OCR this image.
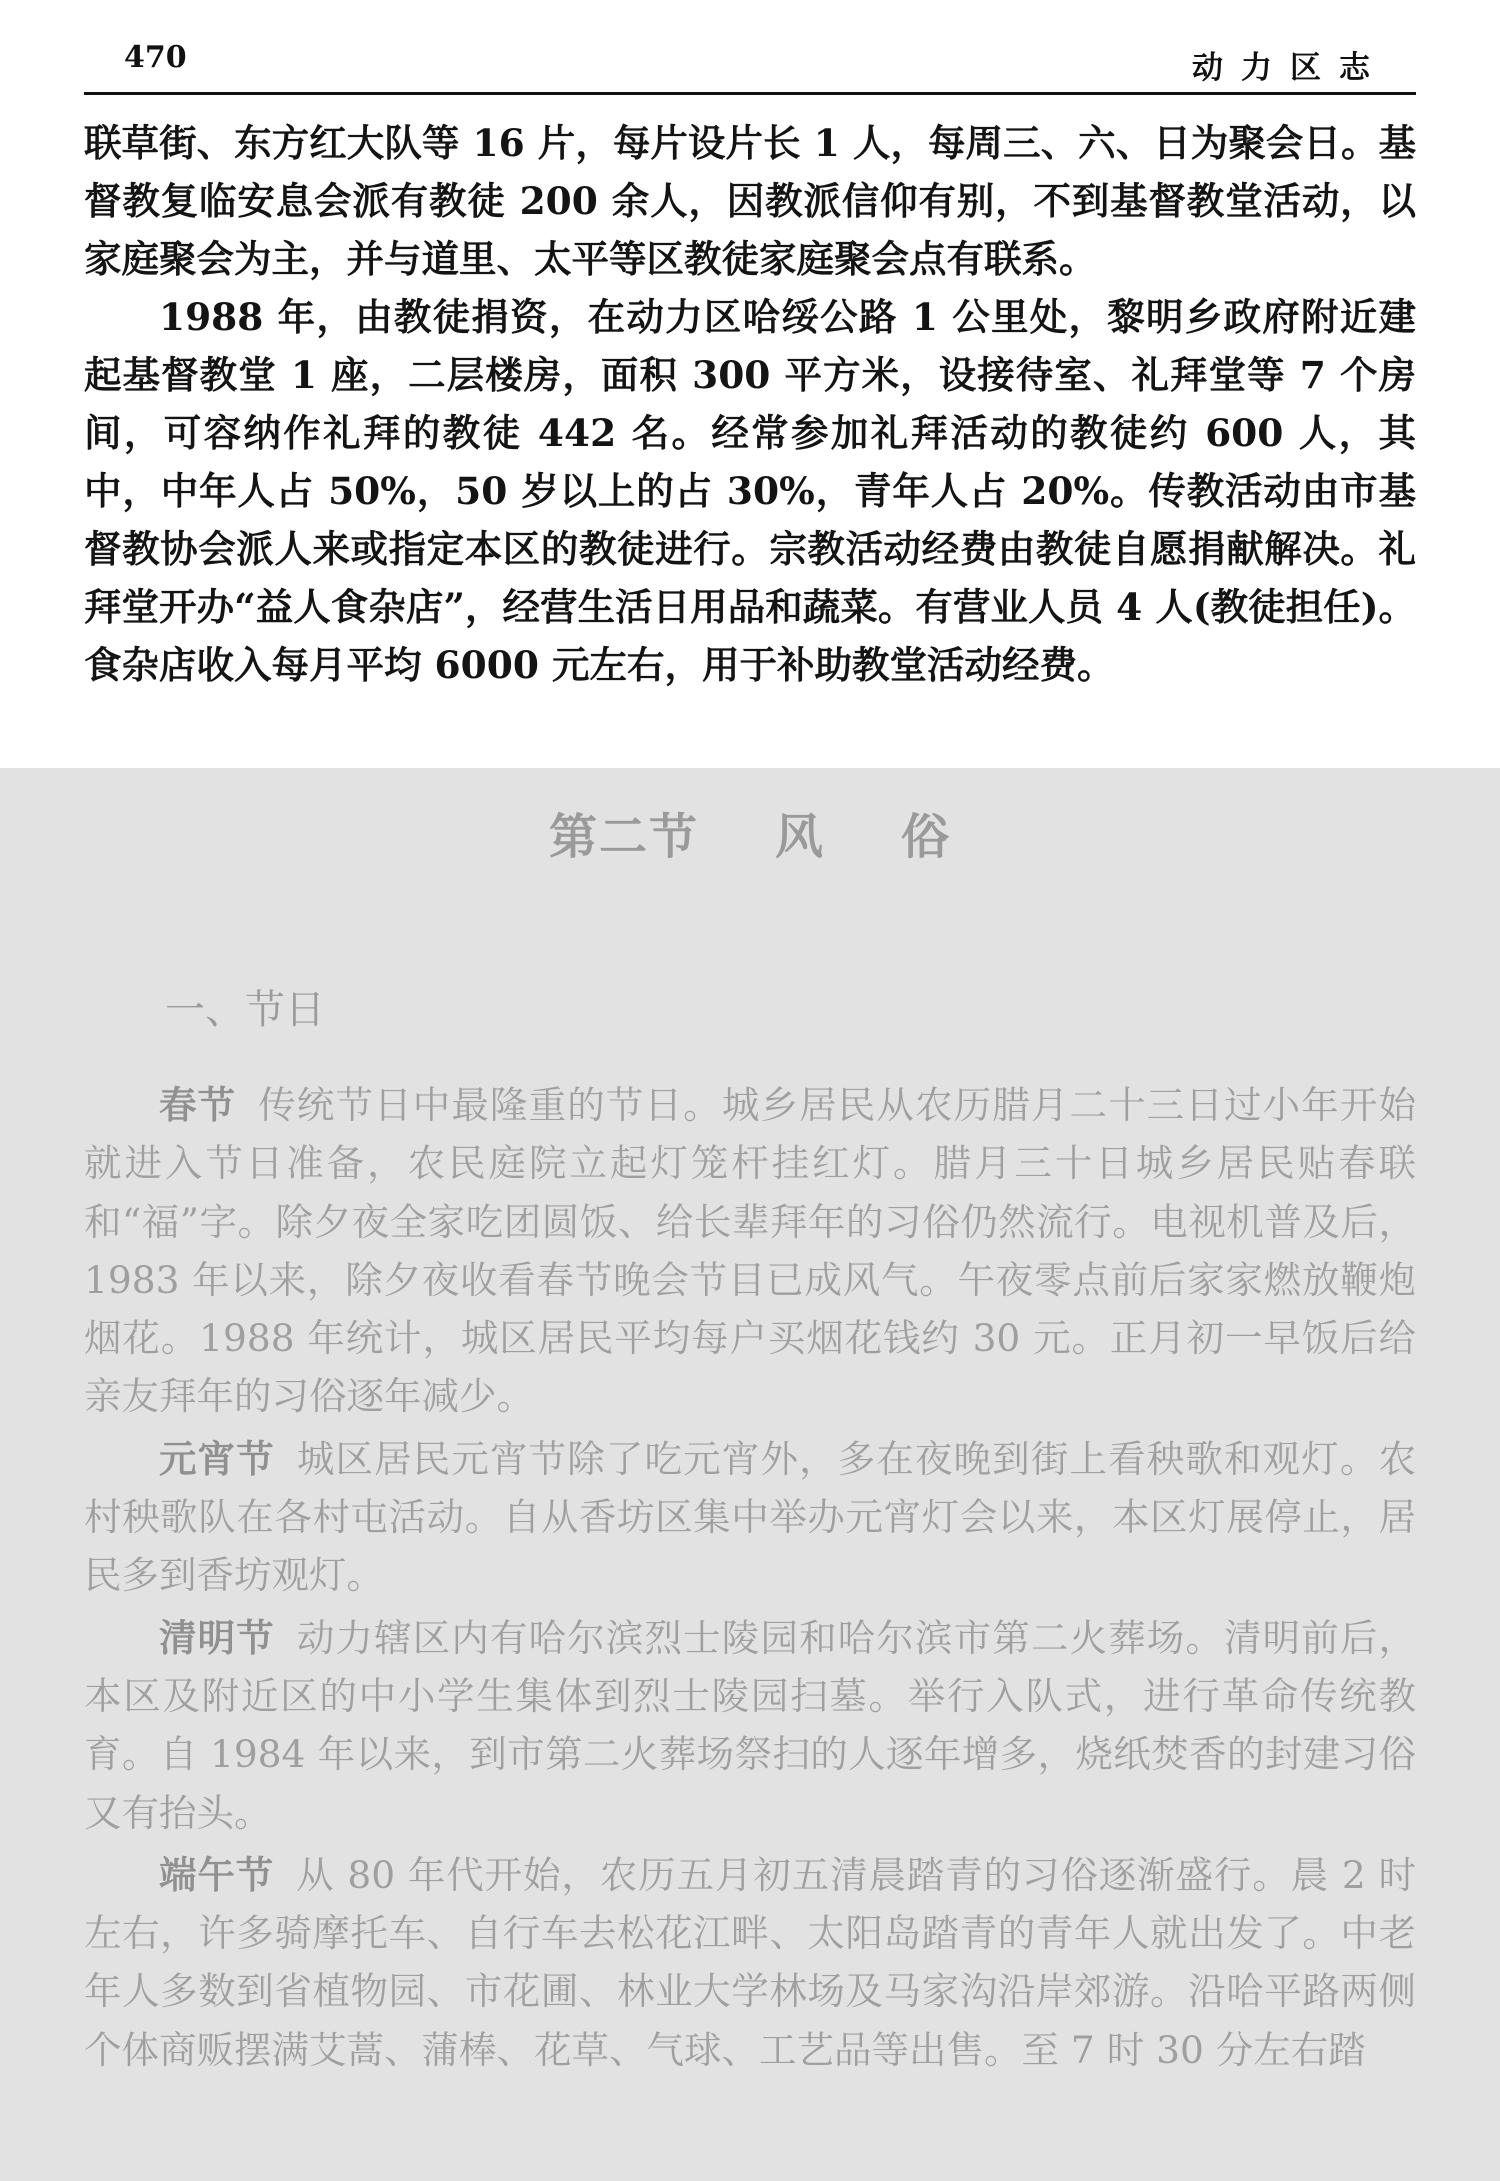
470	动力区志

联草街、东方红大队等 16 片，每片设片长 1 人，每周三、六、日为聚会日。基督教复临安息会派有教徒 200 余人，因教派信仰有别，不到基督教堂活动，以家庭聚会为主，并与道里、太平等区教徒家庭聚会点有联系。

1988 年，由教徒捐资，在动力区哈绥公路 1 公里处，黎明乡政府附近建起基督教堂 1 座，二层楼房，面积 300 平方米，设接待室、礼拜堂等 7 个房间，可容纳作礼拜的教徒 442 名。经常参加礼拜活动的教徒约 600 人，其中，中年人占 50%，50 岁以上的占 30%，青年人占 20%。传教活动由市基督教协会派人来或指定本区的教徒进行。宗教活动经费由教徒自愿捐献解决。礼拜堂开办“益人食杂店”，经营生活日用品和蔬菜。有营业人员 4 人(教徒担任)。食杂店收入每月平均 6000 元左右，用于补助教堂活动经费。

第二节 风 俗
一、节日

春节 传统节日中最隆重的节日。城乡居民从农历腊月二十三日过小年开始就进入节日准备，农民庭院立起灯笼杆挂红灯。腊月三十日城乡居民贴春联和“福”字。除夕夜全家吃团圆饭、给长辈拜年的习俗仍然流行。电视机普及后，1983 年以来，除夕夜收看春节晚会节目已成风气。午夜零点前后家家燃放鞭炮烟花。1988 年统计，城区居民平均每户买烟花钱约 30 元。正月初一早饭后给亲友拜年的习俗逐年减少。

元宵节 城区居民元宵节除了吃元宵外，多在夜晚到街上看秧歌和观灯。农村秧歌队在各村屯活动。自从香坊区集中举办元宵灯会以来，本区灯展停止，居民多到香坊观灯。

清明节 动力辖区内有哈尔滨烈士陵园和哈尔滨市第二火葬场。清明前后，本区及附近区的中小学生集体到烈士陵园扫墓。举行入队式，进行革命传统教育。自 1984 年以来，到市第二火葬场祭扫的人逐年增多，烧纸焚香的封建习俗又有抬头。

端午节 从 80 年代开始，农历五月初五清晨踏青的习俗逐渐盛行。晨 2 时左右，许多骑摩托车、自行车去松花江畔、太阳岛踏青的青年人就出发了。中老年人多数到省植物园、市花圃、林业大学林场及马家沟沿岸郊游。沿哈平路两侧个体商贩摆满艾蒿、蒲棒、花草、气球、工艺品等出售。至 7 时 30 分左右踏
